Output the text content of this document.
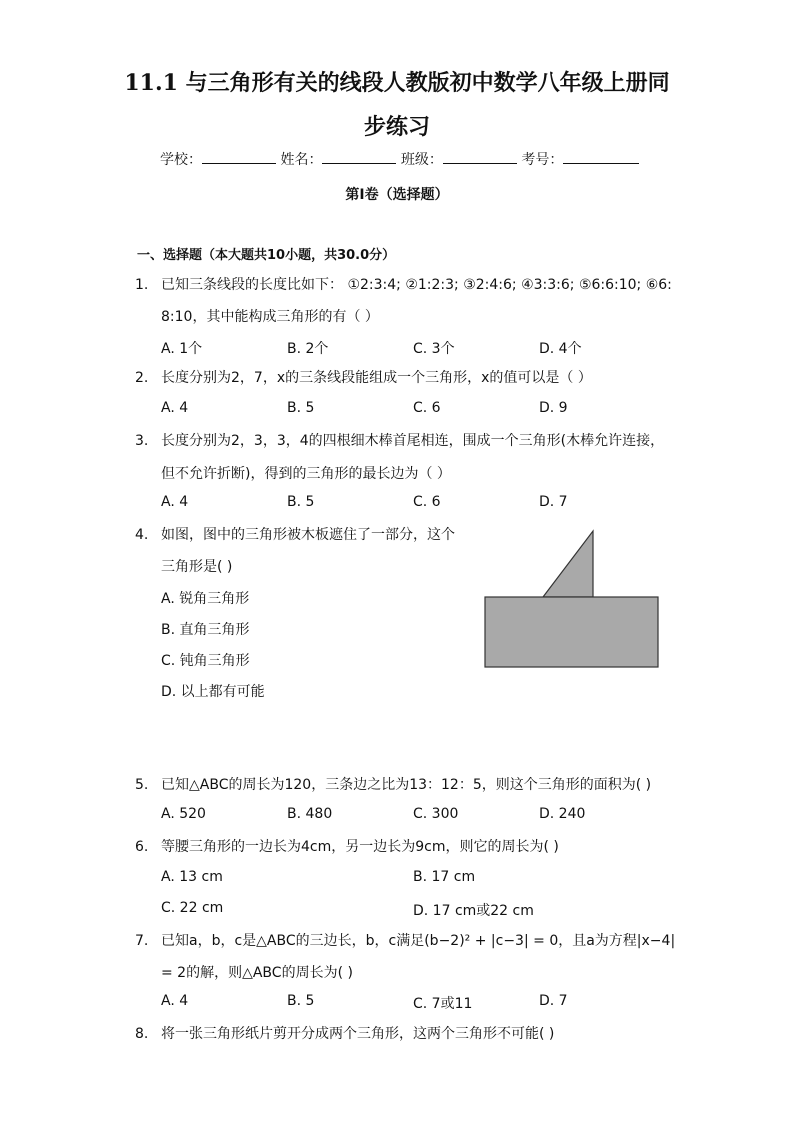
11.1 与三角形有关的线段人教版初中数学八年级上册同
步练习
学校：	姓名：	班级：	考号：
第I卷（选择题）
一、选择题（本大题共10小题，共30.0分）
1. 已知三条线段的长度比如下： ①2:3:4; ②1:2:3; ③2:4:6; ④3:3:6; ⑤6:6:10; ⑥6:
8:10，其中能构成三角形的有（ ）
A. 1个	B. 2个	C. 3个	D. 4个
2. 长度分别为2，7，x的三条线段能组成一个三角形，x的值可以是（ ）
A. 4	B. 5	C. 6	D. 9
3. 长度分别为2，3，3，4的四根细木棒首尾相连，围成一个三角形(木棒允许连接，
但不允许折断)，得到的三角形的最长边为（ ）
A. 4	B. 5	C. 6	D. 7
4. 如图，图中的三角形被木板遮住了一部分，这个
三角形是( )
A. 锐角三角形
B. 直角三角形
C. 钝角三角形
D. 以上都有可能
5. 已知△ABC的周长为120，三条边之比为13：12：5，则这个三角形的面积为( )
A. 520	B. 480	C. 300	D. 240
6. 等腰三角形的一边长为4cm，另一边长为9cm，则它的周长为( )
A. 13 cm	B. 17 cm
C. 22 cm	D. 17 cm或22 cm
7. 已知a，b，c是△ABC的三边长，b，c满足(b−2)² + |c−3| = 0，且a为方程|x−4|
= 2的解，则△ABC的周长为( )
A. 4	B. 5	C. 7或11	D. 7
8. 将一张三角形纸片剪开分成两个三角形，这两个三角形不可能( )
